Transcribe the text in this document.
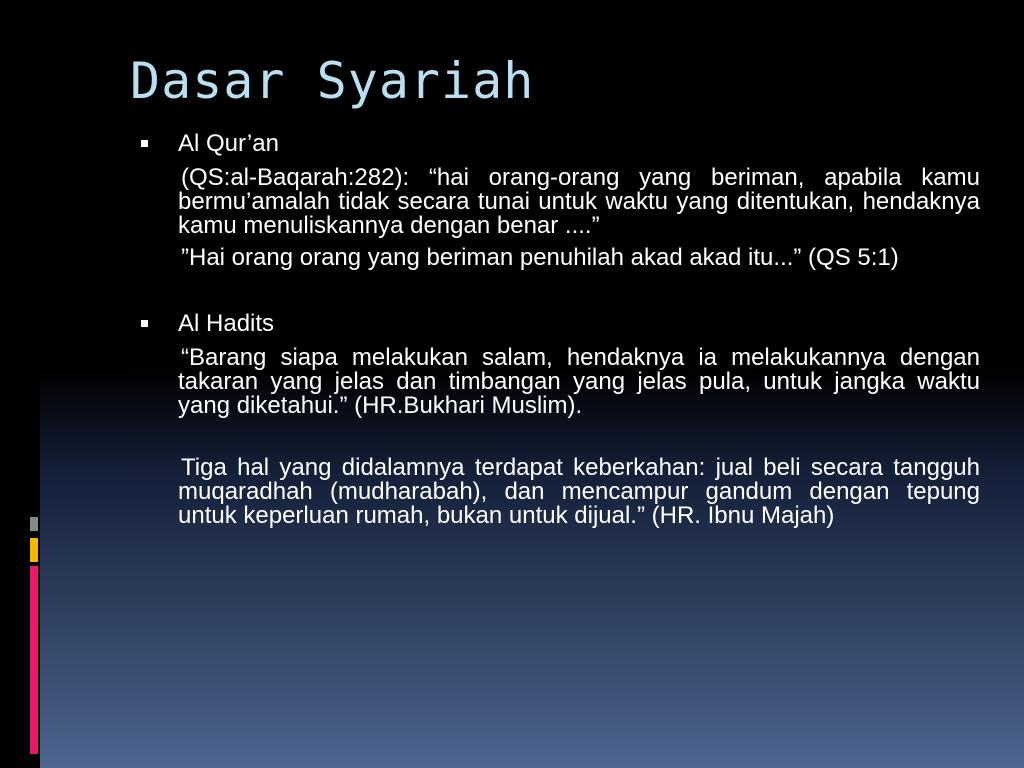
Dasar Syariah
Al Qur’an

(QS:al-Baqarah:282): “hai orang-orang yang beriman, apabila kamu bermu’amalah tidak secara tunai untuk waktu yang ditentukan, hendaknya kamu menuliskannya dengan benar ....”

”Hai orang orang yang beriman penuhilah akad akad itu...” (QS 5:1)

Al Hadits

“Barang siapa melakukan salam, hendaknya ia melakukannya dengan takaran yang jelas dan timbangan yang jelas pula, untuk jangka waktu yang diketahui.” (HR.Bukhari Muslim).

Tiga hal yang didalamnya terdapat keberkahan: jual beli secara tangguh muqaradhah (mudharabah), dan mencampur gandum dengan tepung untuk keperluan rumah, bukan untuk dijual.” (HR. Ibnu Majah)
